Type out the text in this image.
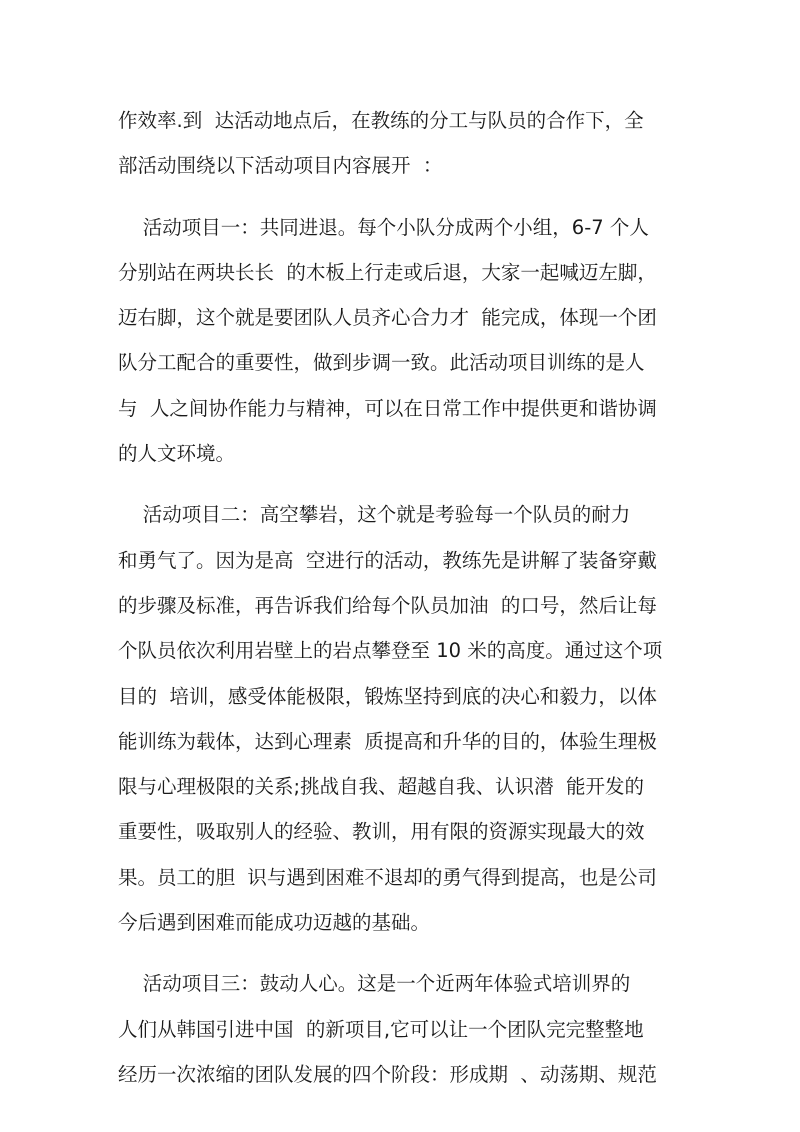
作效率.到  达活动地点后，在教练的分工与队员的合作下，全
部活动围绕以下活动项目内容展开  ：
活动项目一：共同进退。每个小队分成两个小组，6-7 个人
分别站在两块长长  的木板上行走或后退，大家一起喊迈左脚，
迈右脚，这个就是要团队人员齐心合力才  能完成，体现一个团
队分工配合的重要性，做到步调一致。此活动项目训练的是人
与  人之间协作能力与精神，可以在日常工作中提供更和谐协调
的人文环境。
活动项目二：高空攀岩，这个就是考验每一个队员的耐力
和勇气了。因为是高  空进行的活动，教练先是讲解了装备穿戴
的步骤及标准，再告诉我们给每个队员加油  的口号，然后让每
个队员依次利用岩壁上的岩点攀登至 10 米的高度。通过这个项
目的  培训，感受体能极限，锻炼坚持到底的决心和毅力，以体
能训练为载体，达到心理素  质提高和升华的目的，体验生理极
限与心理极限的关系;挑战自我、超越自我、认识潜  能开发的
重要性，吸取别人的经验、教训，用有限的资源实现最大的效
果。员工的胆  识与遇到困难不退却的勇气得到提高，也是公司
今后遇到困难而能成功迈越的基础。
活动项目三：鼓动人心。这是一个近两年体验式培训界的
人们从韩国引进中国  的新项目,它可以让一个团队完完整整地
经历一次浓缩的团队发展的四个阶段：形成期  、动荡期、规范
